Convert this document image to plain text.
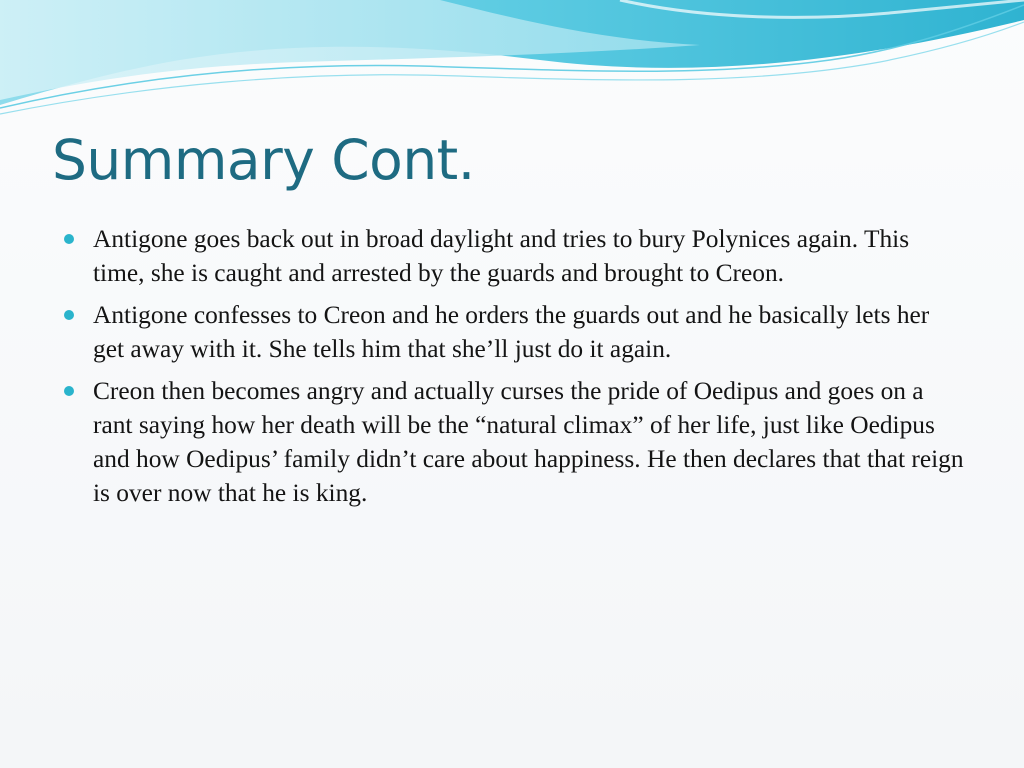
Summary Cont.
Antigone goes back out in broad daylight and tries to bury Polynices again. This time, she is caught and arrested by the guards and brought to Creon.
Antigone confesses to Creon and he orders the guards out and he basically lets her get away with it. She tells him that she’ll just do it again.
Creon then becomes angry and actually curses the pride of Oedipus and goes on a rant saying how her death will be the “natural climax” of her life, just like Oedipus and how Oedipus’ family didn’t care about happiness. He then declares that that reign is over now that he is king.
